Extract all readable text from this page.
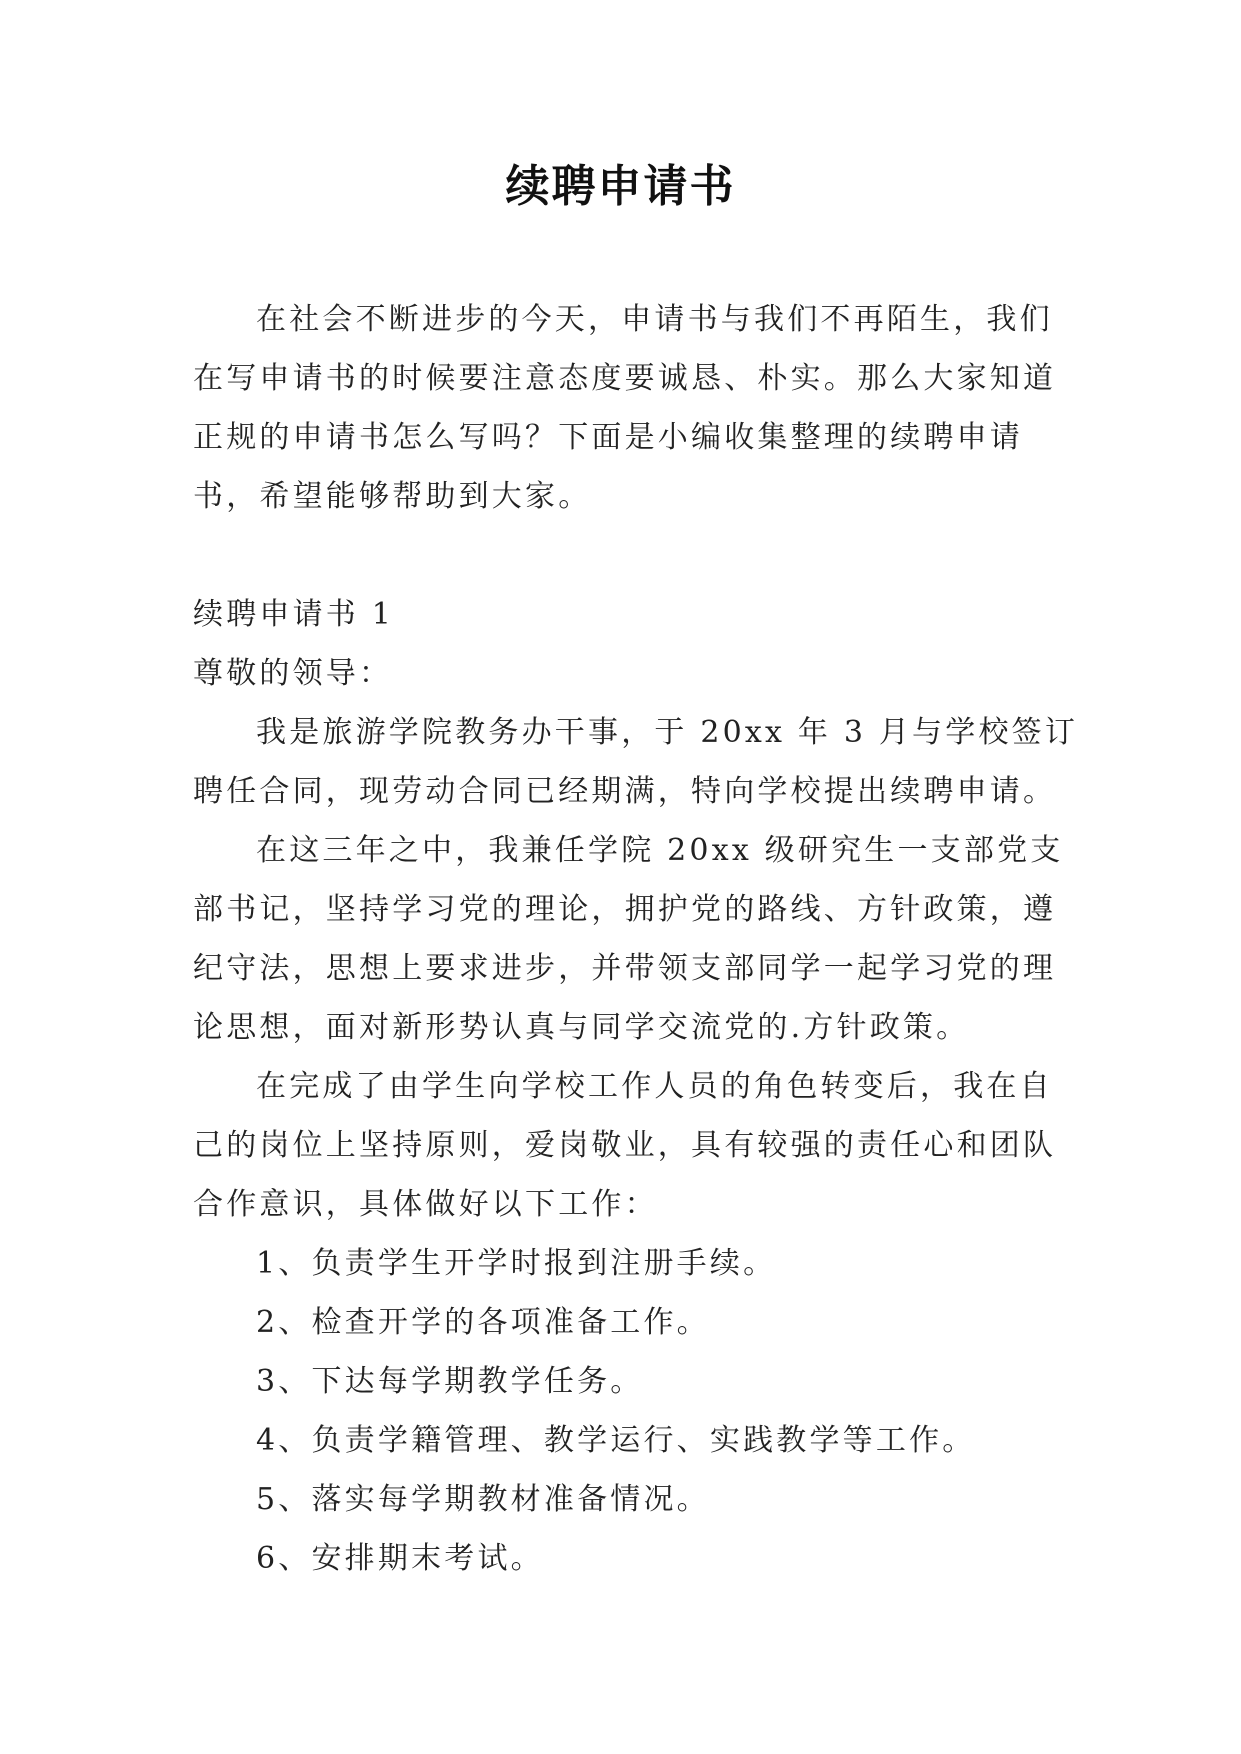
续聘申请书
在社会不断进步的今天，申请书与我们不再陌生，我们
在写申请书的时候要注意态度要诚恳、朴实。那么大家知道
正规的申请书怎么写吗？下面是小编收集整理的续聘申请
书，希望能够帮助到大家。
续聘申请书 1
尊敬的领导：
我是旅游学院教务办干事，于 20xx 年 3 月与学校签订
聘任合同，现劳动合同已经期满，特向学校提出续聘申请。
在这三年之中，我兼任学院 20xx 级研究生一支部党支
部书记，坚持学习党的理论，拥护党的路线、方针政策，遵
纪守法，思想上要求进步，并带领支部同学一起学习党的理
论思想，面对新形势认真与同学交流党的.方针政策。
在完成了由学生向学校工作人员的角色转变后，我在自
己的岗位上坚持原则，爱岗敬业，具有较强的责任心和团队
合作意识，具体做好以下工作：
1、负责学生开学时报到注册手续。
2、检查开学的各项准备工作。
3、下达每学期教学任务。
4、负责学籍管理、教学运行、实践教学等工作。
5、落实每学期教材准备情况。
6、安排期末考试。
